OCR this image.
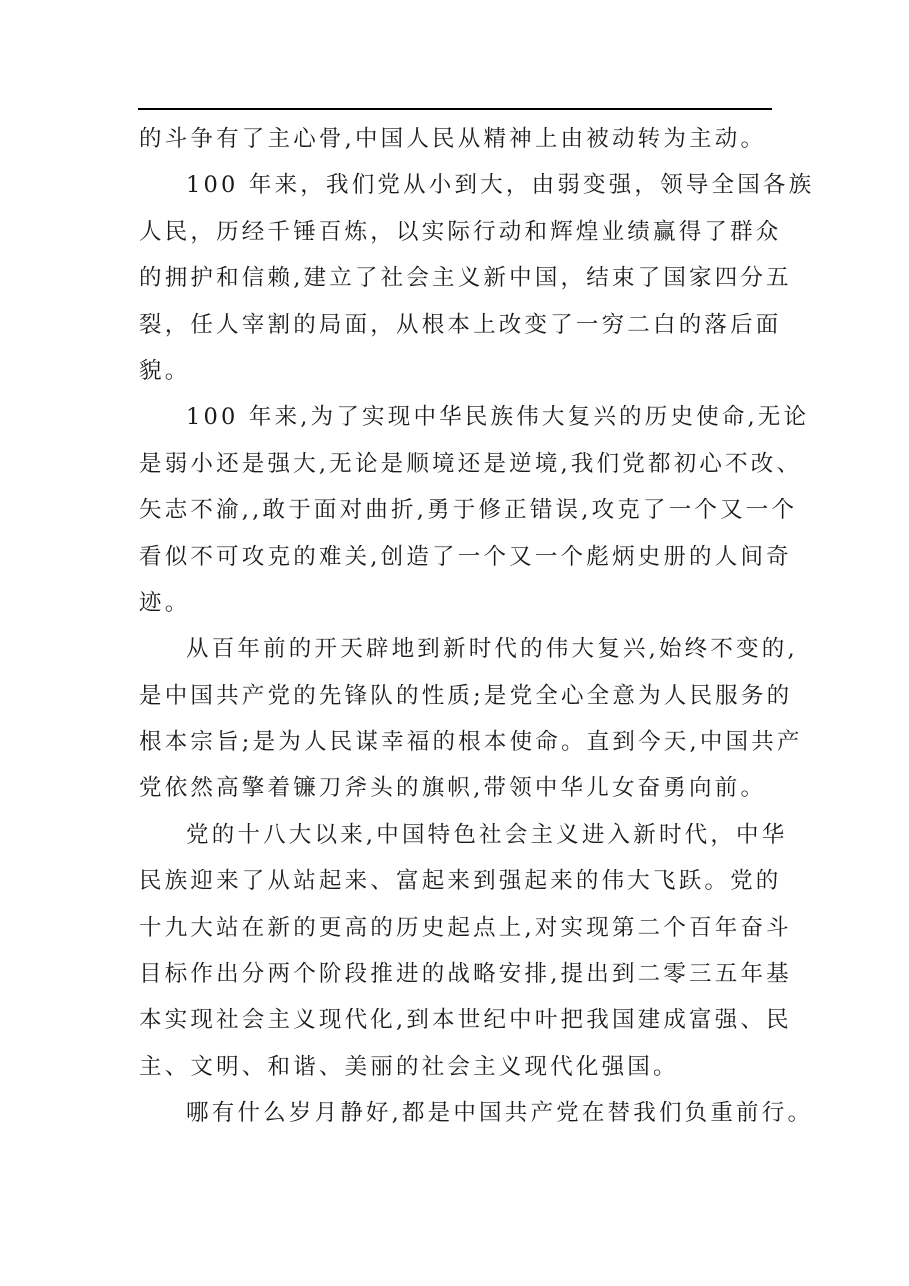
的斗争有了主心骨,中国人民从精神上由被动转为主动。
100 年来，我们党从小到大，由弱变强，领导全国各族
人民，历经千锤百炼，以实际行动和辉煌业绩赢得了群众
的拥护和信赖,建立了社会主义新中国，结束了国家四分五
裂，任人宰割的局面，从根本上改变了一穷二白的落后面
貌。
100 年来,为了实现中华民族伟大复兴的历史使命,无论
是弱小还是强大,无论是顺境还是逆境,我们党都初心不改、
矢志不渝,,敢于面对曲折,勇于修正错误,攻克了一个又一个
看似不可攻克的难关,创造了一个又一个彪炳史册的人间奇
迹。
从百年前的开天辟地到新时代的伟大复兴,始终不变的,
是中国共产党的先锋队的性质;是党全心全意为人民服务的
根本宗旨;是为人民谋幸福的根本使命。直到今天,中国共产
党依然高擎着镰刀斧头的旗帜,带领中华儿女奋勇向前。
党的十八大以来,中国特色社会主义进入新时代，中华
民族迎来了从站起来、富起来到强起来的伟大飞跃。党的
十九大站在新的更高的历史起点上,对实现第二个百年奋斗
目标作出分两个阶段推进的战略安排,提出到二零三五年基
本实现社会主义现代化,到本世纪中叶把我国建成富强、民
主、文明、和谐、美丽的社会主义现代化强国。
哪有什么岁月静好,都是中国共产党在替我们负重前行。
